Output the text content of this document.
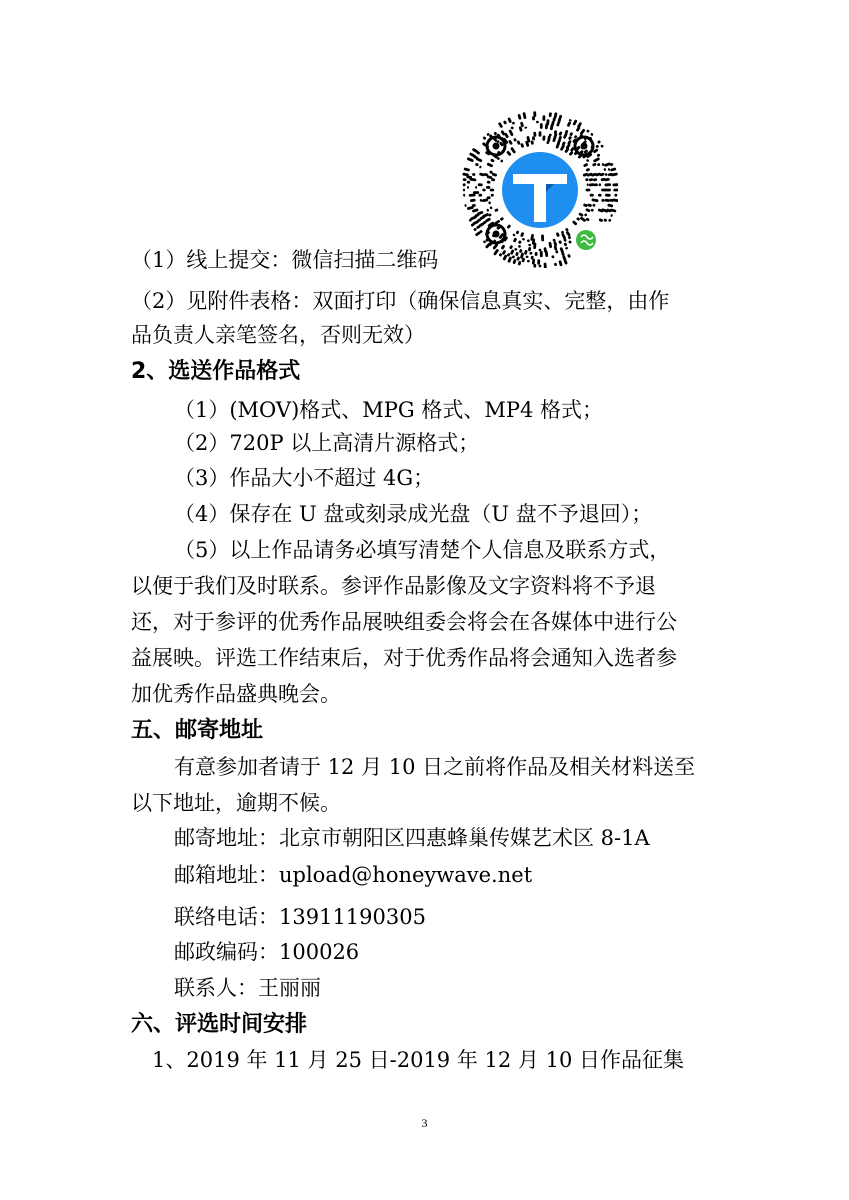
（1）线上提交：微信扫描二维码
（2）见附件表格：双面打印（确保信息真实、完整，由作
品负责人亲笔签名，否则无效）
2、选送作品格式
（1）(MOV)格式、MPG 格式、MP4 格式；
（2）720P 以上高清片源格式；
（3）作品大小不超过 4G；
（4）保存在 U 盘或刻录成光盘（U 盘不予退回）；
（5）以上作品请务必填写清楚个人信息及联系方式，
以便于我们及时联系。参评作品影像及文字资料将不予退
还，对于参评的优秀作品展映组委会将会在各媒体中进行公
益展映。评选工作结束后，对于优秀作品将会通知入选者参
加优秀作品盛典晚会。
五、邮寄地址
有意参加者请于 12 月 10 日之前将作品及相关材料送至
以下地址，逾期不候。
邮寄地址：北京市朝阳区四惠蜂巢传媒艺术区 8-1A
邮箱地址：upload@honeywave.net
联络电话：13911190305
邮政编码：100026
联系人：王丽丽
六、评选时间安排
1、2019 年 11 月 25 日-2019 年 12 月 10 日作品征集
3
